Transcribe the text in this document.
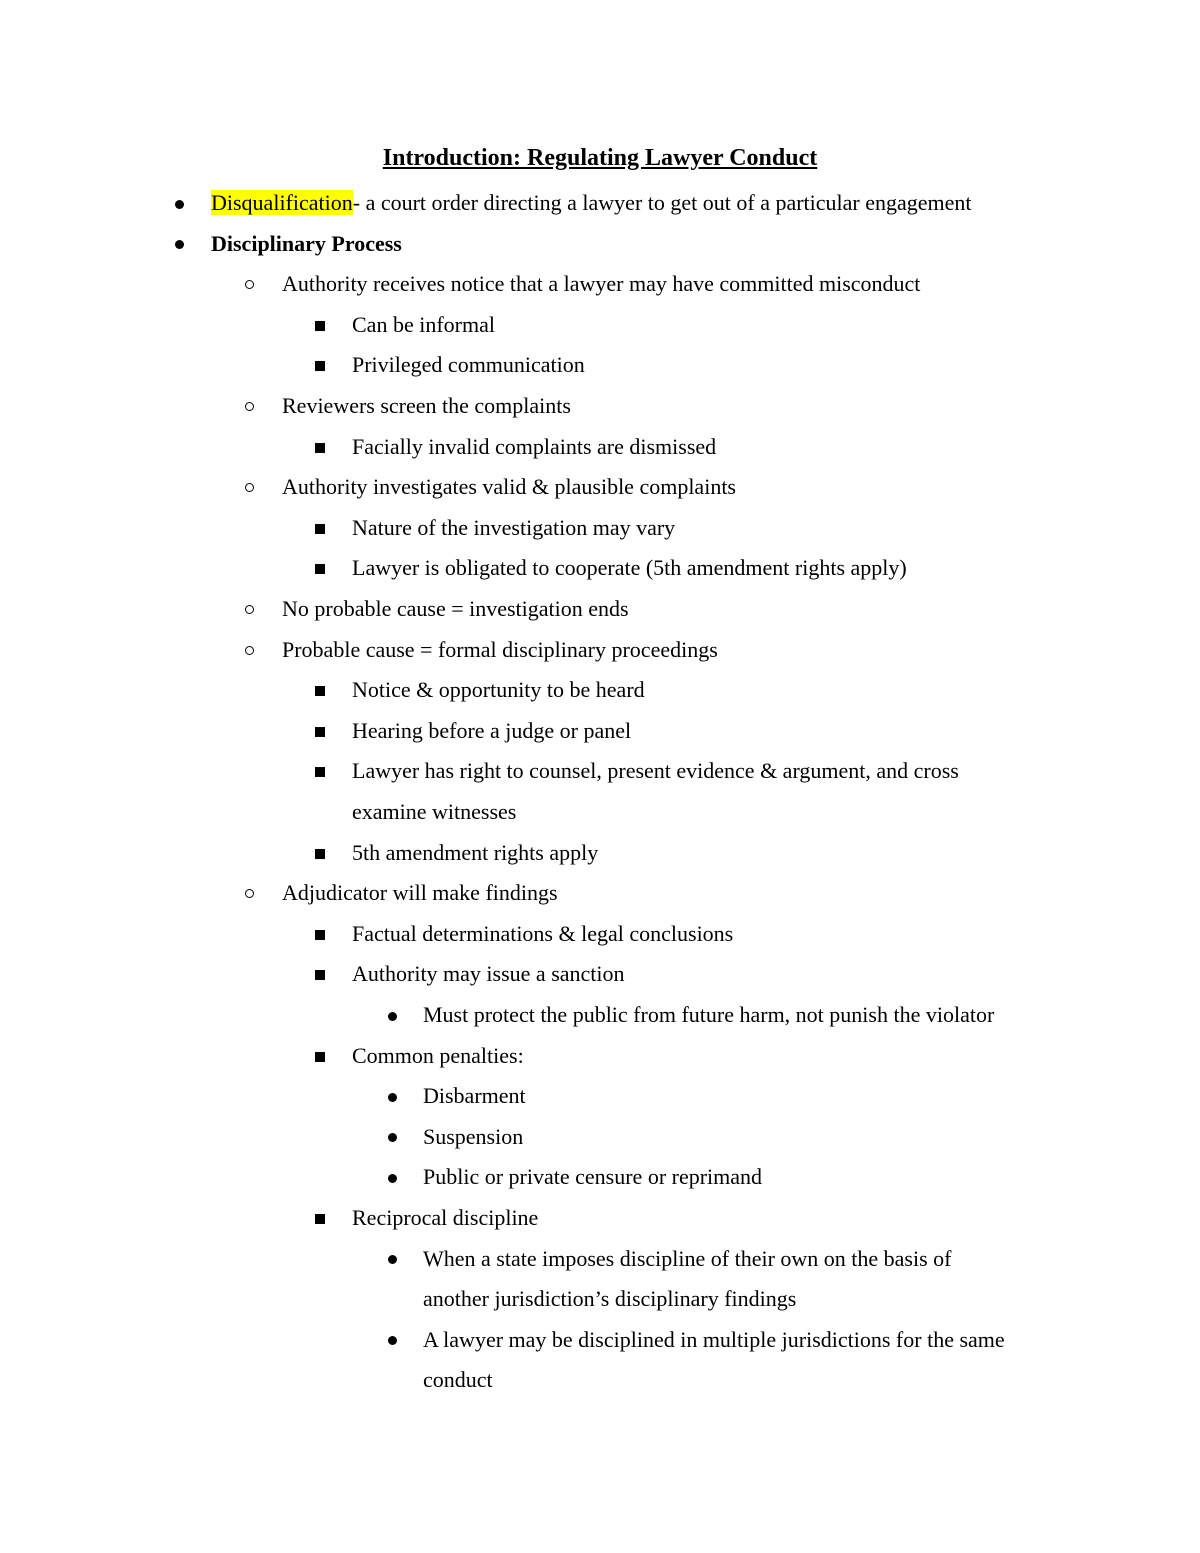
Introduction: Regulating Lawyer Conduct
Disqualification- a court order directing a lawyer to get out of a particular engagement
Disciplinary Process
Authority receives notice that a lawyer may have committed misconduct
Can be informal
Privileged communication
Reviewers screen the complaints
Facially invalid complaints are dismissed
Authority investigates valid & plausible complaints
Nature of the investigation may vary
Lawyer is obligated to cooperate (5th amendment rights apply)
No probable cause = investigation ends
Probable cause = formal disciplinary proceedings
Notice & opportunity to be heard
Hearing before a judge or panel
Lawyer has right to counsel, present evidence & argument, and cross
examine witnesses
5th amendment rights apply
Adjudicator will make findings
Factual determinations & legal conclusions
Authority may issue a sanction
Must protect the public from future harm, not punish the violator
Common penalties:
Disbarment
Suspension
Public or private censure or reprimand
Reciprocal discipline
When a state imposes discipline of their own on the basis of
another jurisdiction’s disciplinary findings
A lawyer may be disciplined in multiple jurisdictions for the same
conduct
